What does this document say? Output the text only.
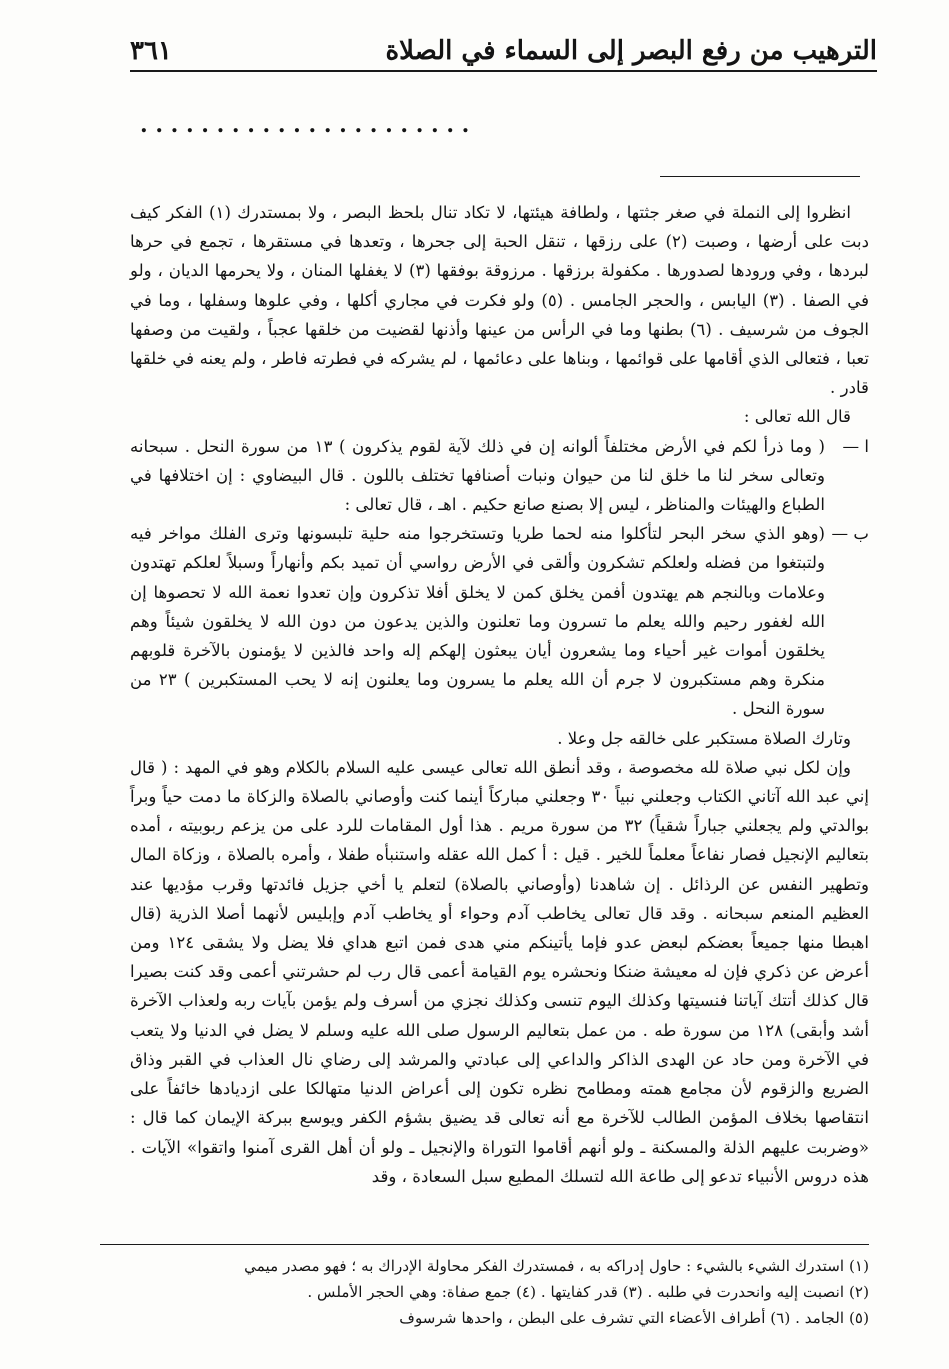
الترهيب من رفع البصر إلى السماء في الصلاة
٣٦١
. . . . . . . . . . . . . . . . . . . . . .

انظروا إلى النملة في صغر جثتها ، ولطافة هيئتها، لا تكاد تنال بلحظ البصر ، ولا بمستدرك (١) الفكر كيف دبت على أرضها ، وصبت (٢) على رزقها ، تنقل الحبة إلى جحرها ، وتعدها في مستقرها ، تجمع في حرها لبردها ، وفي ورودها لصدورها . مكفولة برزقها . مرزوقة بوفقها (٣) لا يغفلها المنان ، ولا يحرمها الديان ، ولو في الصفا . (٣) اليابس ، والحجر الجامس . (٥) ولو فكرت في مجاري أكلها ، وفي علوها وسفلها ، وما في الجوف من شرسيف . (٦) بطنها وما في الرأس من عينها وأذنها لقضيت من خلقها عجباً ، ولقيت من وصفها تعبا ، فتعالى الذي أقامها على قوائمها ، وبناها على دعائمها ، لم يشركه في فطرته فاطر ، ولم يعنه في خلقها قادر .

قال الله تعالى :

ا —
( وما ذرأ لكم في الأرض مختلفاً ألوانه إن في ذلك لآية لقوم يذكرون ) ١٣ من سورة النحل . سبحانه وتعالى سخر لنا ما خلق لنا من حيوان ونبات أصنافها تختلف باللون . قال البيضاوي : إن اختلافها في الطباع والهيئات والمناظر ، ليس إلا بصنع صانع حكيم . اهـ ، قال تعالى :
ب —
(وهو الذي سخر البحر لتأكلوا منه لحما طريا وتستخرجوا منه حلية تلبسونها وترى الفلك مواخر فيه ولتبتغوا من فضله ولعلكم تشكرون وألقى في الأرض رواسي أن تميد بكم وأنهاراً وسبلاً لعلكم تهتدون وعلامات وبالنجم هم يهتدون أفمن يخلق كمن لا يخلق أفلا تذكرون وإن تعدوا نعمة الله لا تحصوها إن الله لغفور رحيم والله يعلم ما تسرون وما تعلنون والذين يدعون من دون الله لا يخلقون شيئاً وهم يخلقون أموات غير أحياء وما يشعرون أيان يبعثون إلهكم إله واحد فالذين لا يؤمنون بالآخرة قلوبهم منكرة وهم مستكبرون لا جرم أن الله يعلم ما يسرون وما يعلنون إنه لا يحب المستكبرين ) ٢٣ من سورة النحل .

وتارك الصلاة مستكبر على خالقه جل وعلا .

وإن لكل نبي صلاة لله مخصوصة ، وقد أنطق الله تعالى عيسى عليه السلام بالكلام وهو في المهد : ( قال إني عبد الله آتاني الكتاب وجعلني نبياً ٣٠ وجعلني مباركاً أينما كنت وأوصاني بالصلاة والزكاة ما دمت حياً وبراً بوالدتي ولم يجعلني جباراً شقياً) ٣٢ من سورة مريم . هذا أول المقامات للرد على من يزعم ربوبيته ، أمده بتعاليم الإنجيل فصار نفاعاً معلماً للخير . قيل : أ كمل الله عقله واستنبأه طفلا ، وأمره بالصلاة ، وزكاة المال وتطهير النفس عن الرذائل . إن شاهدنا (وأوصاني بالصلاة) لتعلم يا أخي جزيل فائدتها وقرب مؤديها عند العظيم المنعم سبحانه . وقد قال تعالى يخاطب آدم وحواء أو يخاطب آدم وإبليس لأنهما أصلا الذرية (قال اهبطا منها جميعاً بعضكم لبعض عدو فإما يأتينكم مني هدى فمن اتبع هداي فلا يضل ولا يشقى ١٢٤ ومن أعرض عن ذكري فإن له معيشة ضنكا ونحشره يوم القيامة أعمى قال رب لم حشرتني أعمى وقد كنت بصيرا قال كذلك أتتك آياتنا فنسيتها وكذلك اليوم تنسى وكذلك نجزي من أسرف ولم يؤمن بآيات ربه ولعذاب الآخرة أشد وأبقى) ١٢٨ من سورة طه . من عمل بتعاليم الرسول صلى الله عليه وسلم لا يضل في الدنيا ولا يتعب في الآخرة ومن حاد عن الهدى الذاكر والداعي إلى عبادتي والمرشد إلى رضاي نال العذاب في القبر وذاق الضريع والزقوم لأن مجامع همته ومطامح نظره تكون إلى أعراض الدنيا متهالكا على ازديادها خائفاً على انتقاصها بخلاف المؤمن الطالب للآخرة مع أنه تعالى قد يضيق بشؤم الكفر ويوسع ببركة الإيمان كما قال : «وضربت عليهم الذلة والمسكنة ـ ولو أنهم أقاموا التوراة والإنجيل ـ ولو أن أهل القرى آمنوا واتقوا» الآيات . هذه دروس الأنبياء تدعو إلى طاعة الله لتسلك المطيع سبل السعادة ، وقد

(١) استدرك الشيء بالشيء : حاول إدراكه به ، فمستدرك الفكر محاولة الإدراك به ؛ فهو مصدر ميمي

(٢) انصبت إليه وانحدرت في طلبه . (٣) قدر كفايتها . (٤) جمع صفاة: وهي الحجر الأملس .

(٥) الجامد . (٦) أطراف الأعضاء التي تشرف على البطن ، واحدها شرسوف
